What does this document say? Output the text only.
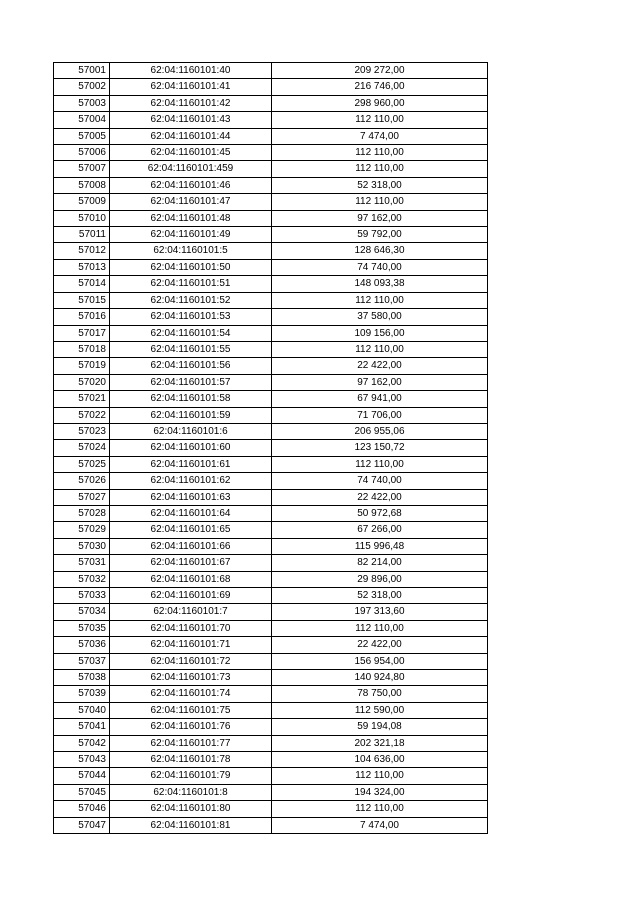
57001	62:04:1160101:40	209 272,00
57002	62:04:1160101:41	216 746,00
57003	62:04:1160101:42	298 960,00
57004	62:04:1160101:43	112 110,00
57005	62:04:1160101:44	7 474,00
57006	62:04:1160101:45	112 110,00
57007	62:04:1160101:459	112 110,00
57008	62:04:1160101:46	52 318,00
57009	62:04:1160101:47	112 110,00
57010	62:04:1160101:48	97 162,00
57011	62:04:1160101:49	59 792,00
57012	62:04:1160101:5	128 646,30
57013	62:04:1160101:50	74 740,00
57014	62:04:1160101:51	148 093,38
57015	62:04:1160101:52	112 110,00
57016	62:04:1160101:53	37 580,00
57017	62:04:1160101:54	109 156,00
57018	62:04:1160101:55	112 110,00
57019	62:04:1160101:56	22 422,00
57020	62:04:1160101:57	97 162,00
57021	62:04:1160101:58	67 941,00
57022	62:04:1160101:59	71 706,00
57023	62:04:1160101:6	206 955,06
57024	62:04:1160101:60	123 150,72
57025	62:04:1160101:61	112 110,00
57026	62:04:1160101:62	74 740,00
57027	62:04:1160101:63	22 422,00
57028	62:04:1160101:64	50 972,68
57029	62:04:1160101:65	67 266,00
57030	62:04:1160101:66	115 996,48
57031	62:04:1160101:67	82 214,00
57032	62:04:1160101:68	29 896,00
57033	62:04:1160101:69	52 318,00
57034	62:04:1160101:7	197 313,60
57035	62:04:1160101:70	112 110,00
57036	62:04:1160101:71	22 422,00
57037	62:04:1160101:72	156 954,00
57038	62:04:1160101:73	140 924,80
57039	62:04:1160101:74	78 750,00
57040	62:04:1160101:75	112 590,00
57041	62:04:1160101:76	59 194,08
57042	62:04:1160101:77	202 321,18
57043	62:04:1160101:78	104 636,00
57044	62:04:1160101:79	112 110,00
57045	62:04:1160101:8	194 324,00
57046	62:04:1160101:80	112 110,00
57047	62:04:1160101:81	7 474,00
